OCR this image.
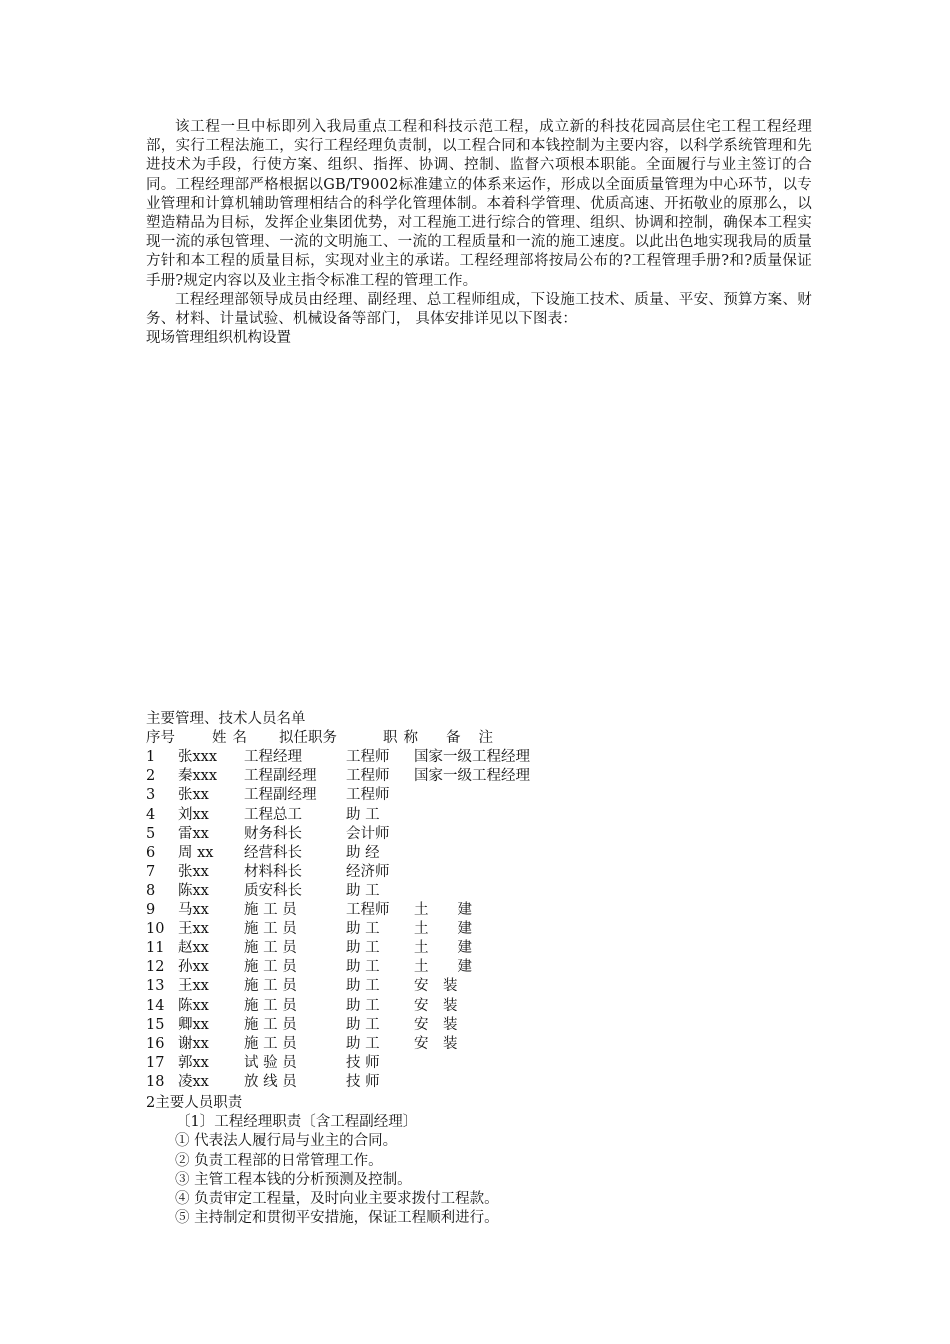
该工程一旦中标即列入我局重点工程和科技示范工程，成立新的科技花园高层住宅工程工程经理部，实行工程法施工，实行工程经理负责制，以工程合同和本钱控制为主要内容，以科学系统管理和先进技术为手段，行使方案、组织、指挥、协调、控制、监督六项根本职能。全面履行与业主签订的合同。工程经理部严格根据以GB/T9002标准建立的体系来运作，形成以全面质量管理为中心环节，以专业管理和计算机辅助管理相结合的科学化管理体制。本着科学管理、优质高速、开拓敬业的原那么，以塑造精品为目标，发挥企业集团优势，对工程施工进行综合的管理、组织、协调和控制，确保本工程实现一流的承包管理、一流的文明施工、一流的工程质量和一流的施工速度。以此出色地实现我局的质量方针和本工程的质量目标，实现对业主的承诺。工程经理部将按局公布的?工程管理手册?和?质量保证手册?规定内容以及业主指令标准工程的管理工作。

工程经理部领导成员由经理、副经理、总工程师组成，下设施工技术、质量、平安、预算方案、财务、材料、计量试验、机械设备等部门， 具体安排详见以下图表：

现场管理组织机构设置

主要管理、技术人员名单
序号	姓名 拟任职务	职称 备注
1 张xxx 工程经理	工程师 国家一级工程经理
2 秦xxx 工程副经理 工程师 国家一级工程经理
3 张xx 工程副经理 工程师
4 刘xx 工程总工	助 工
5 雷xx 财务科长	会计师
6 周 xx 经营科长	助 经
7 张xx 材料科长	经济师
8 陈xx 质安科长	助 工
9 马xx 施 工 员	工程师 土　　建
10 王xx 施 工 员	助 工 土　　建
11 赵xx 施 工 员	助 工 土　　建
12 孙xx 施 工 员	助 工 土　　建
13 王xx 施 工 员	助 工 安　装
14 陈xx 施 工 员	助 工 安　装
15 卿xx 施 工 员	助 工 安　装
16 谢xx 施 工 员	助 工 安　装
17 郭xx 试 验 员	技 师
18 凌xx 放 线 员	技 师
2主要人员职责
〔1〕工程经理职责〔含工程副经理〕
① 代表法人履行局与业主的合同。
② 负责工程部的日常管理工作。
③ 主管工程本钱的分析预测及控制。
④ 负责审定工程量，及时向业主要求拨付工程款。
⑤ 主持制定和贯彻平安措施，保证工程顺利进行。
